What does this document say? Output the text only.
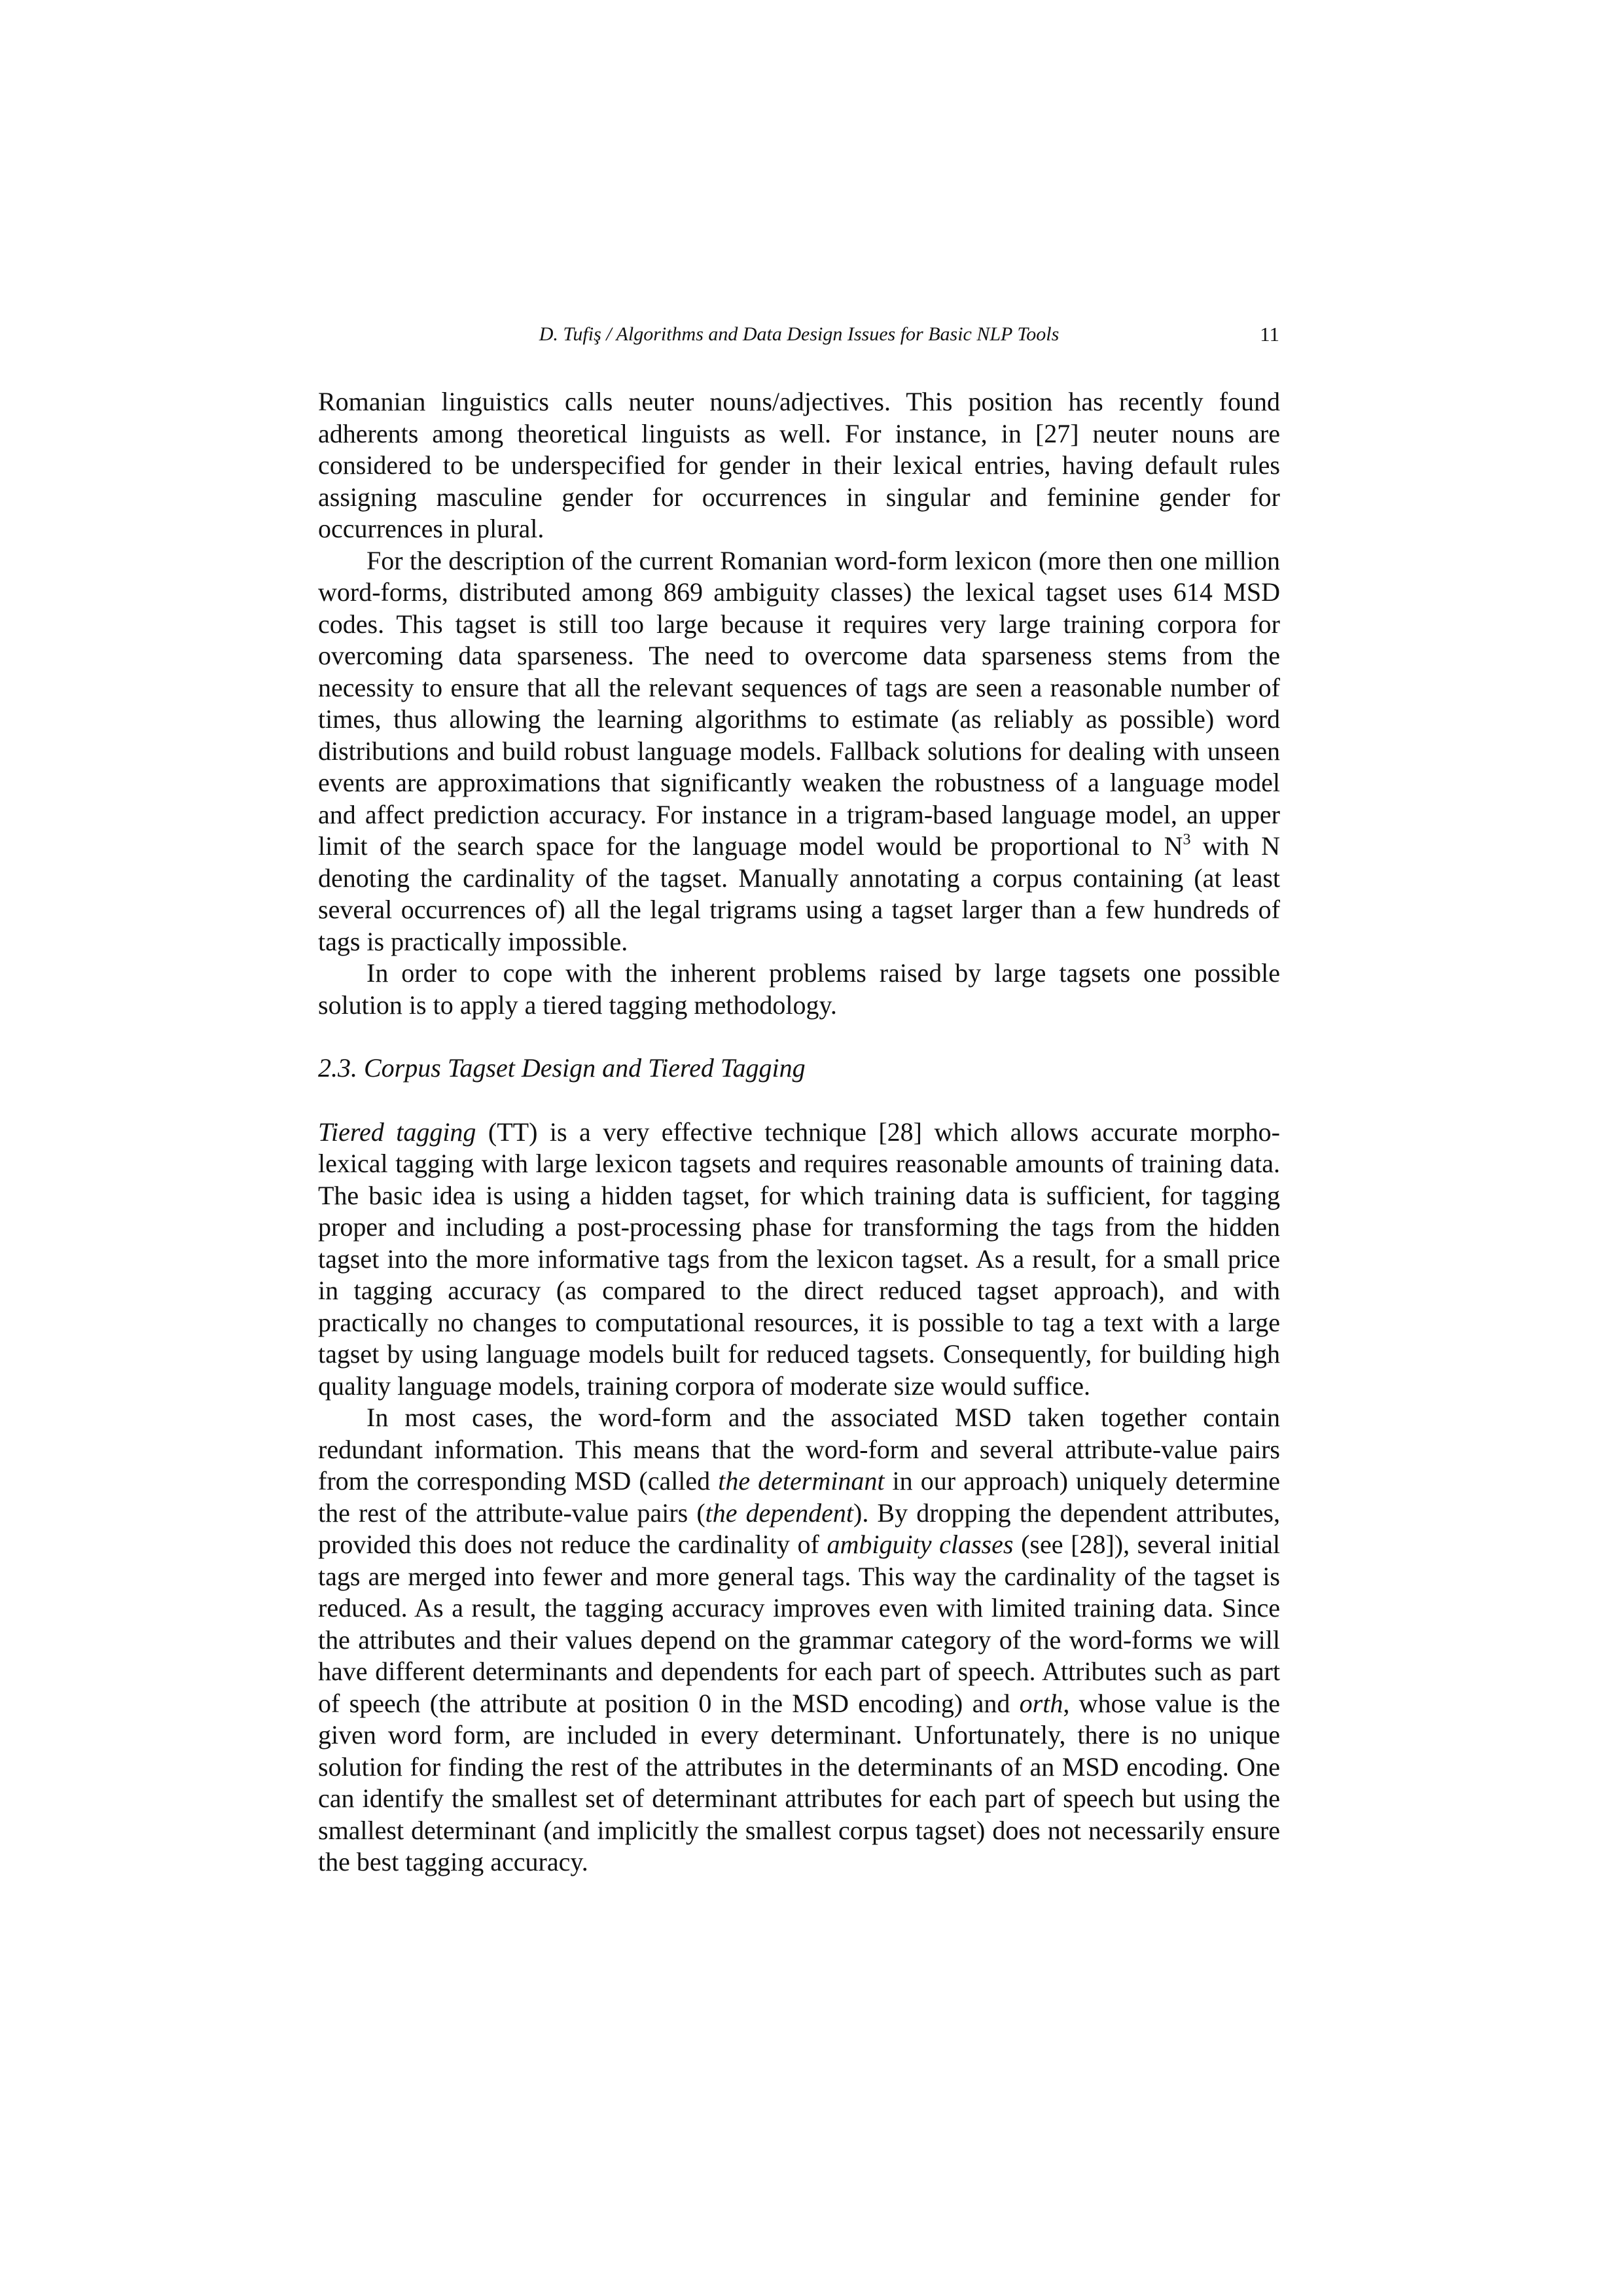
D. Tufiş / Algorithms and Data Design Issues for Basic NLP Tools	11

Romanian linguistics calls neuter nouns/adjectives. This position has recently found adherents among theoretical linguists as well. For instance, in [27] neuter nouns are considered to be underspecified for gender in their lexical entries, having default rules assigning masculine gender for occurrences in singular and feminine gender for occurrences in plural.

For the description of the current Romanian word-form lexicon (more then one million word-forms, distributed among 869 ambiguity classes) the lexical tagset uses 614 MSD codes. This tagset is still too large because it requires very large training corpora for overcoming data sparseness. The need to overcome data sparseness stems from the necessity to ensure that all the relevant sequences of tags are seen a reasonable number of times, thus allowing the learning algorithms to estimate (as reliably as possible) word distributions and build robust language models. Fallback solutions for dealing with unseen events are approximations that significantly weaken the robustness of a language model and affect prediction accuracy. For instance in a trigram-based language model, an upper limit of the search space for the language model would be proportional to $N^3$ with N denoting the cardinality of the tagset. Manually annotating a corpus containing (at least several occurrences of) all the legal trigrams using a tagset larger than a few hundreds of tags is practically impossible.

In order to cope with the inherent problems raised by large tagsets one possible solution is to apply a tiered tagging methodology.

2.3. Corpus Tagset Design and Tiered Tagging

Tiered tagging (TT) is a very effective technique [28] which allows accurate morpho-lexical tagging with large lexicon tagsets and requires reasonable amounts of training data. The basic idea is using a hidden tagset, for which training data is sufficient, for tagging proper and including a post-processing phase for transforming the tags from the hidden tagset into the more informative tags from the lexicon tagset. As a result, for a small price in tagging accuracy (as compared to the direct reduced tagset approach), and with practically no changes to computational resources, it is possible to tag a text with a large tagset by using language models built for reduced tagsets. Consequently, for building high quality language models, training corpora of moderate size would suffice.

In most cases, the word-form and the associated MSD taken together contain redundant information. This means that the word-form and several attribute-value pairs from the corresponding MSD (called the determinant in our approach) uniquely determine the rest of the attribute-value pairs (the dependent). By dropping the dependent attributes, provided this does not reduce the cardinality of ambiguity classes (see [28]), several initial tags are merged into fewer and more general tags. This way the cardinality of the tagset is reduced. As a result, the tagging accuracy improves even with limited training data. Since the attributes and their values depend on the grammar category of the word-forms we will have different determinants and dependents for each part of speech. Attributes such as part of speech (the attribute at position 0 in the MSD encoding) and orth, whose value is the given word form, are included in every determinant. Unfortunately, there is no unique solution for finding the rest of the attributes in the determinants of an MSD encoding. One can identify the smallest set of determinant attributes for each part of speech but using the smallest determinant (and implicitly the smallest corpus tagset) does not necessarily ensure the best tagging accuracy.
